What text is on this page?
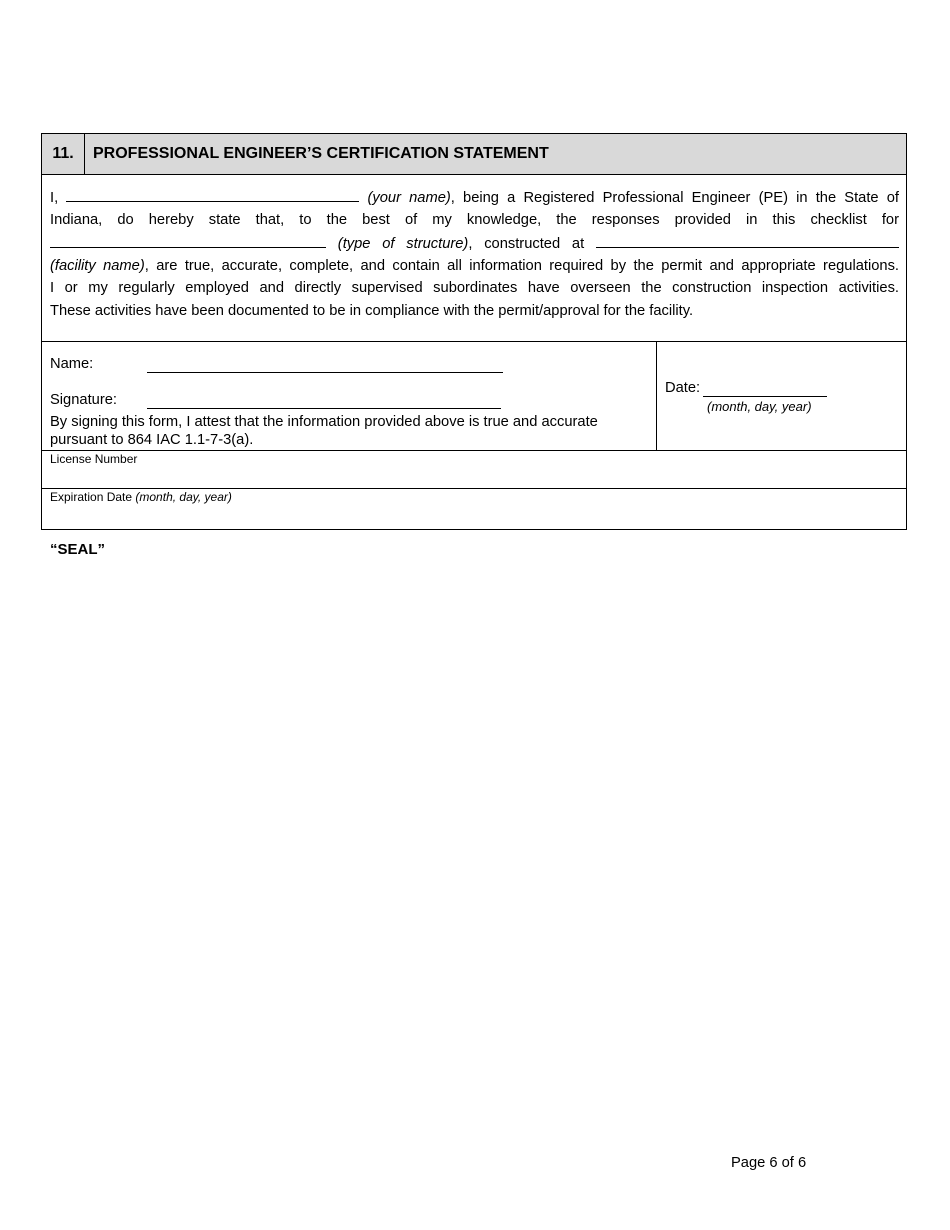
11.	PROFESSIONAL ENGINEER’S CERTIFICATION STATEMENT
I,	(your name), being a Registered Professional Engineer (PE) in the State of
Indiana, do hereby state that, to the best of my knowledge, the responses provided in this checklist for
(type of structure), constructed at
(facility name), are true, accurate, complete, and contain all information required by the permit and appropriate regulations.
I or my regularly employed and directly supervised subordinates have overseen the construction inspection activities.
These activities have been documented to be in compliance with the permit/approval for the facility.
Name:
Signature:
By signing this form, I attest that the information provided above is true and accurate
pursuant to 864 IAC 1.1-7-3(a).
Date:
(month, day, year)
License Number
Expiration Date (month, day, year)
“SEAL”
Page 6 of 6
